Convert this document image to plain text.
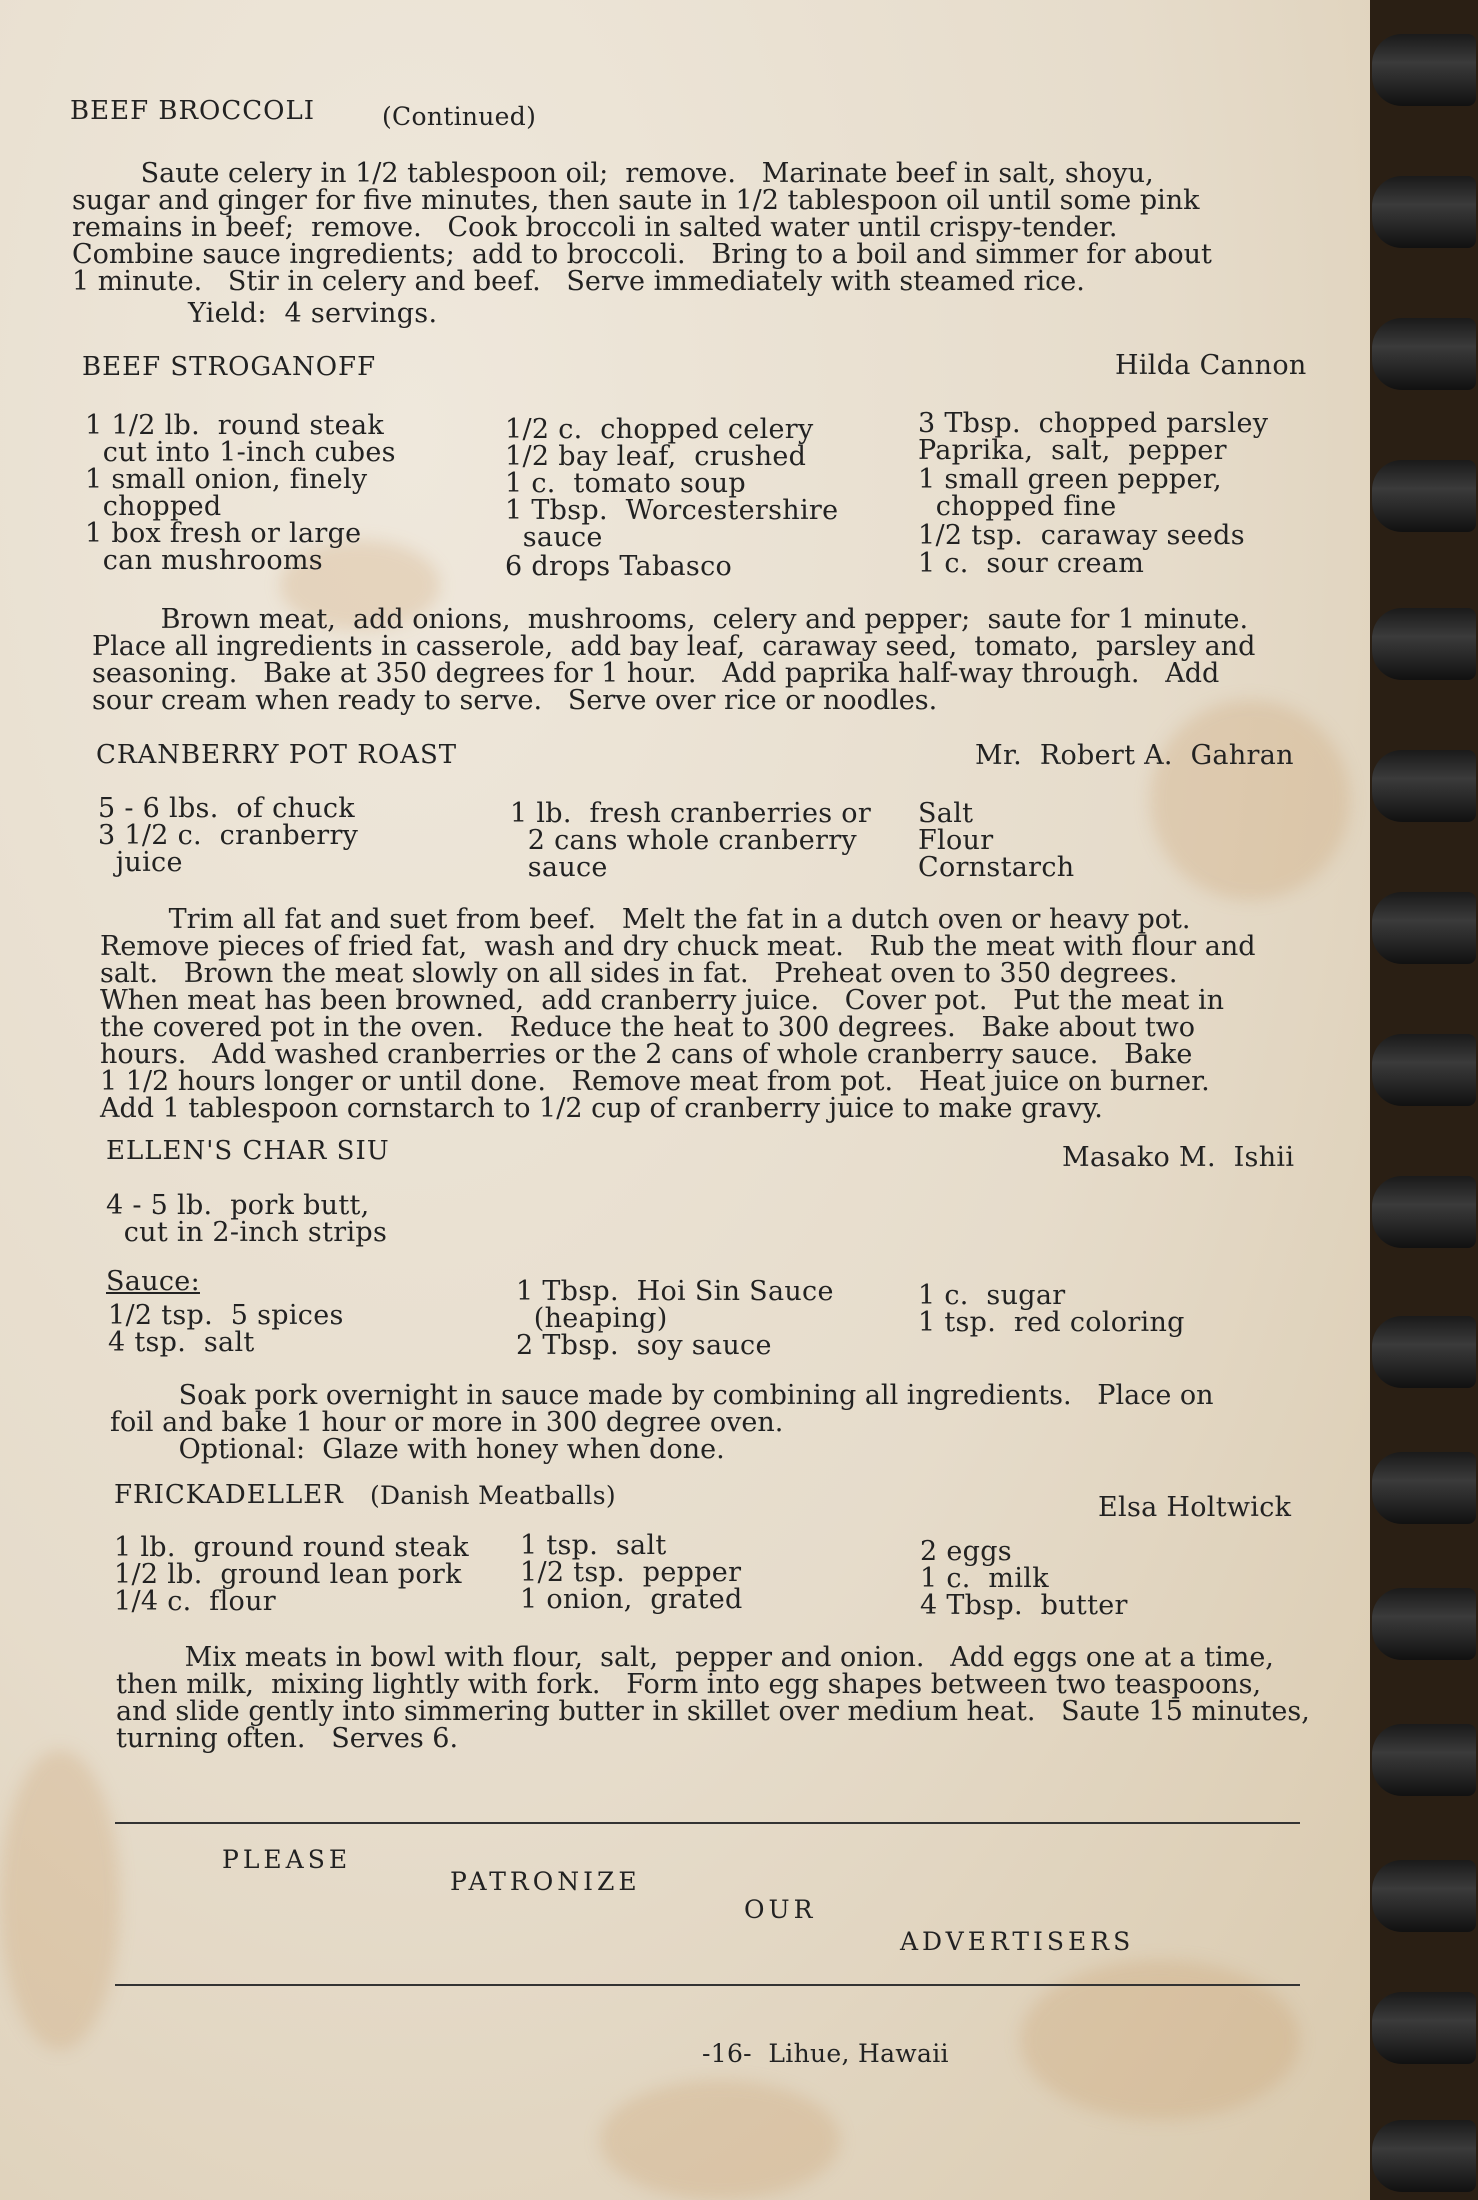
BEEF BROCCOLI	(Continued)
Saute celery in 1/2 tablespoon oil;  remove.   Marinate beef in salt, shoyu,
sugar and ginger for five minutes, then saute in 1/2 tablespoon oil until some pink
remains in beef;  remove.   Cook broccoli in salted water until crispy-tender.
Combine sauce ingredients;  add to broccoli.   Bring to a boil and simmer for about
1 minute.   Stir in celery and beef.   Serve immediately with steamed rice.
Yield:  4 servings.
BEEF STROGANOFF	Hilda Cannon
1 1/2 lb.  round steak
cut into 1-inch cubes
1 small onion, finely
chopped
1 box fresh or large
can mushrooms
1/2 c.  chopped celery
1/2 bay leaf,  crushed
1 c.  tomato soup
1 Tbsp.  Worcestershire
sauce
6 drops Tabasco
3 Tbsp.  chopped parsley
Paprika,  salt,  pepper
1 small green pepper,
chopped fine
1/2 tsp.  caraway seeds
1 c.  sour cream
Brown meat,  add onions,  mushrooms,  celery and pepper;  saute for 1 minute.
Place all ingredients in casserole,  add bay leaf,  caraway seed,  tomato,  parsley and
seasoning.   Bake at 350 degrees for 1 hour.   Add paprika half-way through.   Add
sour cream when ready to serve.   Serve over rice or noodles.
CRANBERRY POT ROAST	Mr.  Robert A.  Gahran
5 - 6 lbs.  of chuck
3 1/2 c.  cranberry
juice
1 lb.  fresh cranberries or
2 cans whole cranberry
sauce
Salt
Flour
Cornstarch
Trim all fat and suet from beef.   Melt the fat in a dutch oven or heavy pot.
Remove pieces of fried fat,  wash and dry chuck meat.   Rub the meat with flour and
salt.   Brown the meat slowly on all sides in fat.   Preheat oven to 350 degrees.
When meat has been browned,  add cranberry juice.   Cover pot.   Put the meat in
the covered pot in the oven.   Reduce the heat to 300 degrees.   Bake about two
hours.   Add washed cranberries or the 2 cans of whole cranberry sauce.   Bake
1 1/2 hours longer or until done.   Remove meat from pot.   Heat juice on burner.
Add 1 tablespoon cornstarch to 1/2 cup of cranberry juice to make gravy.
ELLEN'S CHAR SIU	Masako M.  Ishii
4 - 5 lb.  pork butt,
cut in 2-inch strips
Sauce:
1/2 tsp.  5 spices
4 tsp.  salt
1 Tbsp.  Hoi Sin Sauce
(heaping)
2 Tbsp.  soy sauce
1 c.  sugar
1 tsp.  red coloring
Soak pork overnight in sauce made by combining all ingredients.   Place on
foil and bake 1 hour or more in 300 degree oven.
Optional:  Glaze with honey when done.
FRICKADELLER (Danish Meatballs)	Elsa Holtwick
1 lb.  ground round steak
1/2 lb.  ground lean pork
1/4 c.  flour
1 tsp.  salt
1/2 tsp.  pepper
1 onion,  grated
2 eggs
1 c.  milk
4 Tbsp.  butter
Mix meats in bowl with flour,  salt,  pepper and onion.   Add eggs one at a time,
then milk,  mixing lightly with fork.   Form into egg shapes between two teaspoons,
and slide gently into simmering butter in skillet over medium heat.   Saute 15 minutes,
turning often.   Serves 6.
PLEASE
PATRONIZE
OUR
ADVERTISERS
-16-  Lihue, Hawaii
